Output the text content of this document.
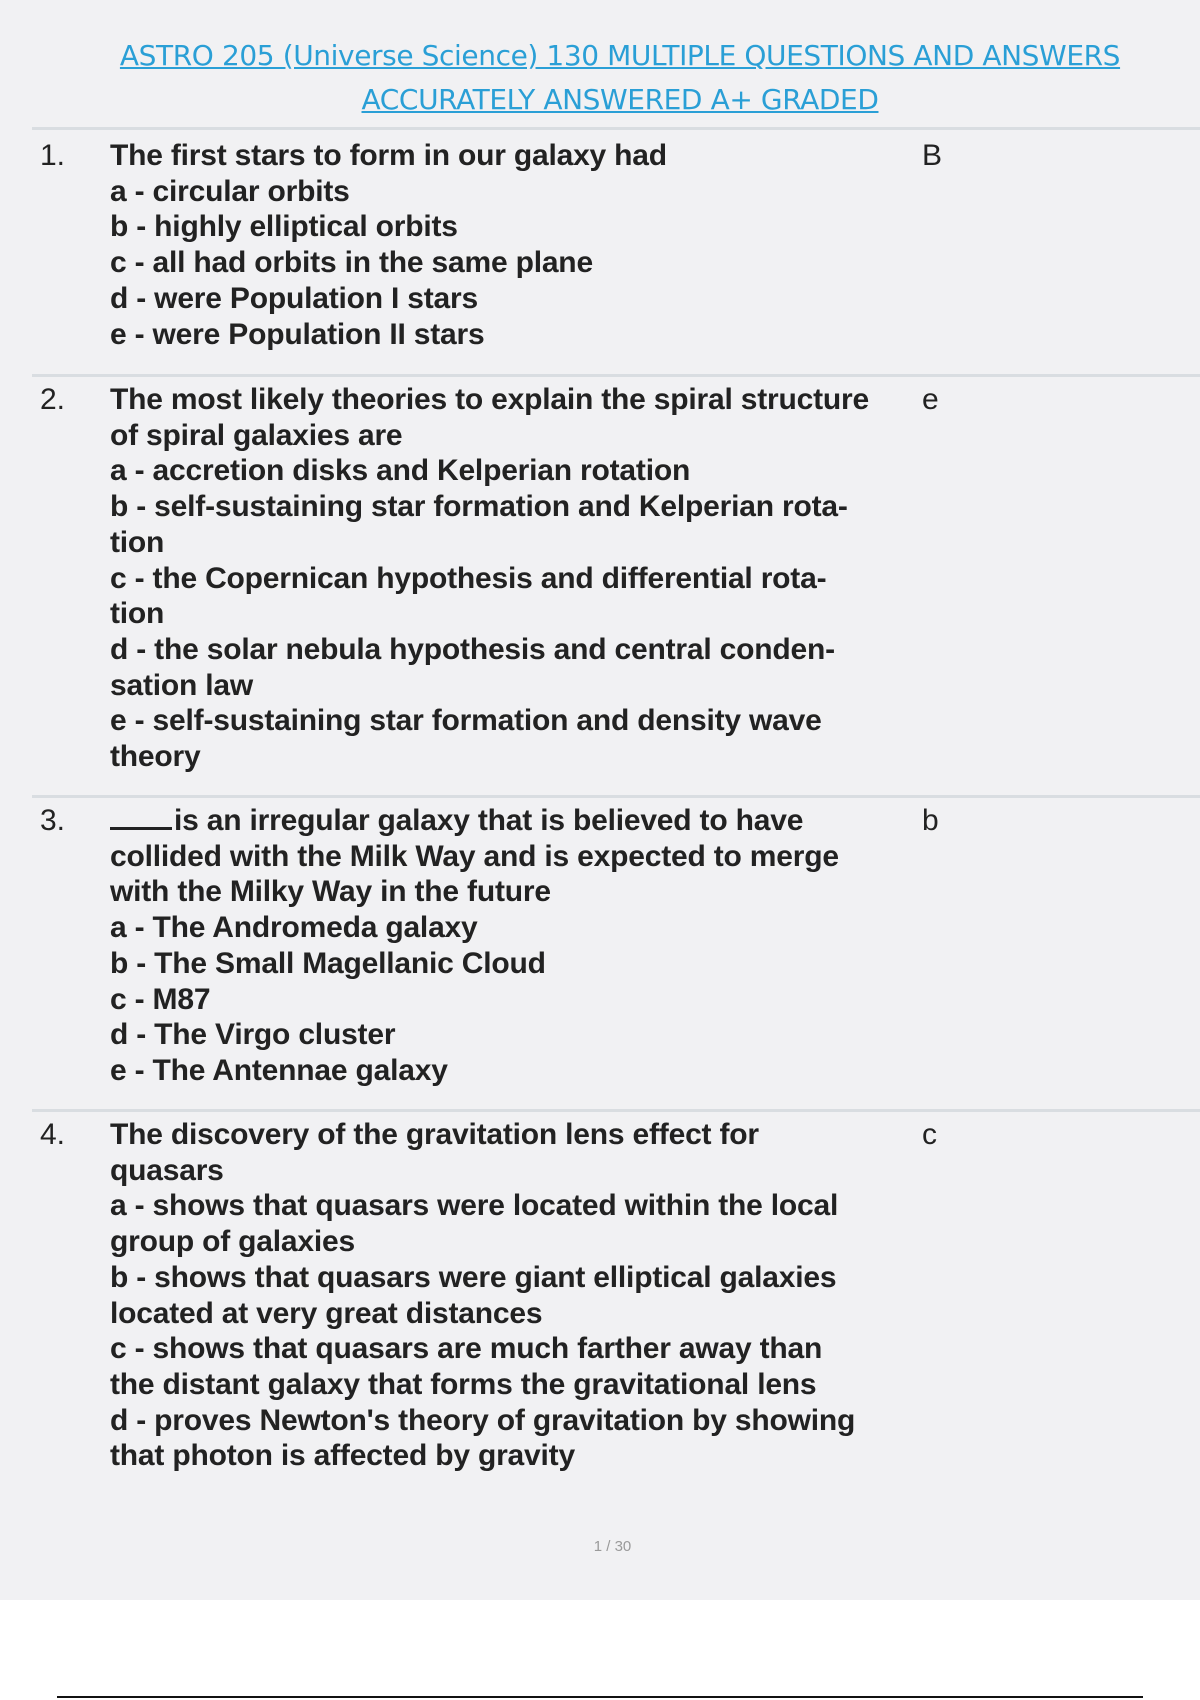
ASTRO 205 (Universe Science) 130 MULTIPLE QUESTIONS AND ANSWERS
ACCURATELY ANSWERED A+ GRADED
1. The first stars to form in our galaxy had
a - circular orbits
b - highly elliptical orbits
c - all had orbits in the same plane
d - were Population I stars
e - were Population II stars
B
2. The most likely theories to explain the spiral structure
of spiral galaxies are
a - accretion disks and Kelperian rotation
b - self-sustaining star formation and Kelperian rota-
tion
c - the Copernican hypothesis and differential rota-
tion
d - the solar nebula hypothesis and central conden-
sation law
e - self-sustaining star formation and density wave
theory
e
3.	is an irregular galaxy that is believed to have
collided with the Milk Way and is expected to merge
with the Milky Way in the future
a - The Andromeda galaxy
b - The Small Magellanic Cloud
c - M87
d - The Virgo cluster
e - The Antennae galaxy
b
4. The discovery of the gravitation lens effect for
quasars
a - shows that quasars were located within the local
group of galaxies
b - shows that quasars were giant elliptical galaxies
located at very great distances
c - shows that quasars are much farther away than
the distant galaxy that forms the gravitational lens
d - proves Newton's theory of gravitation by showing
that photon is affected by gravity
c
1 / 30
